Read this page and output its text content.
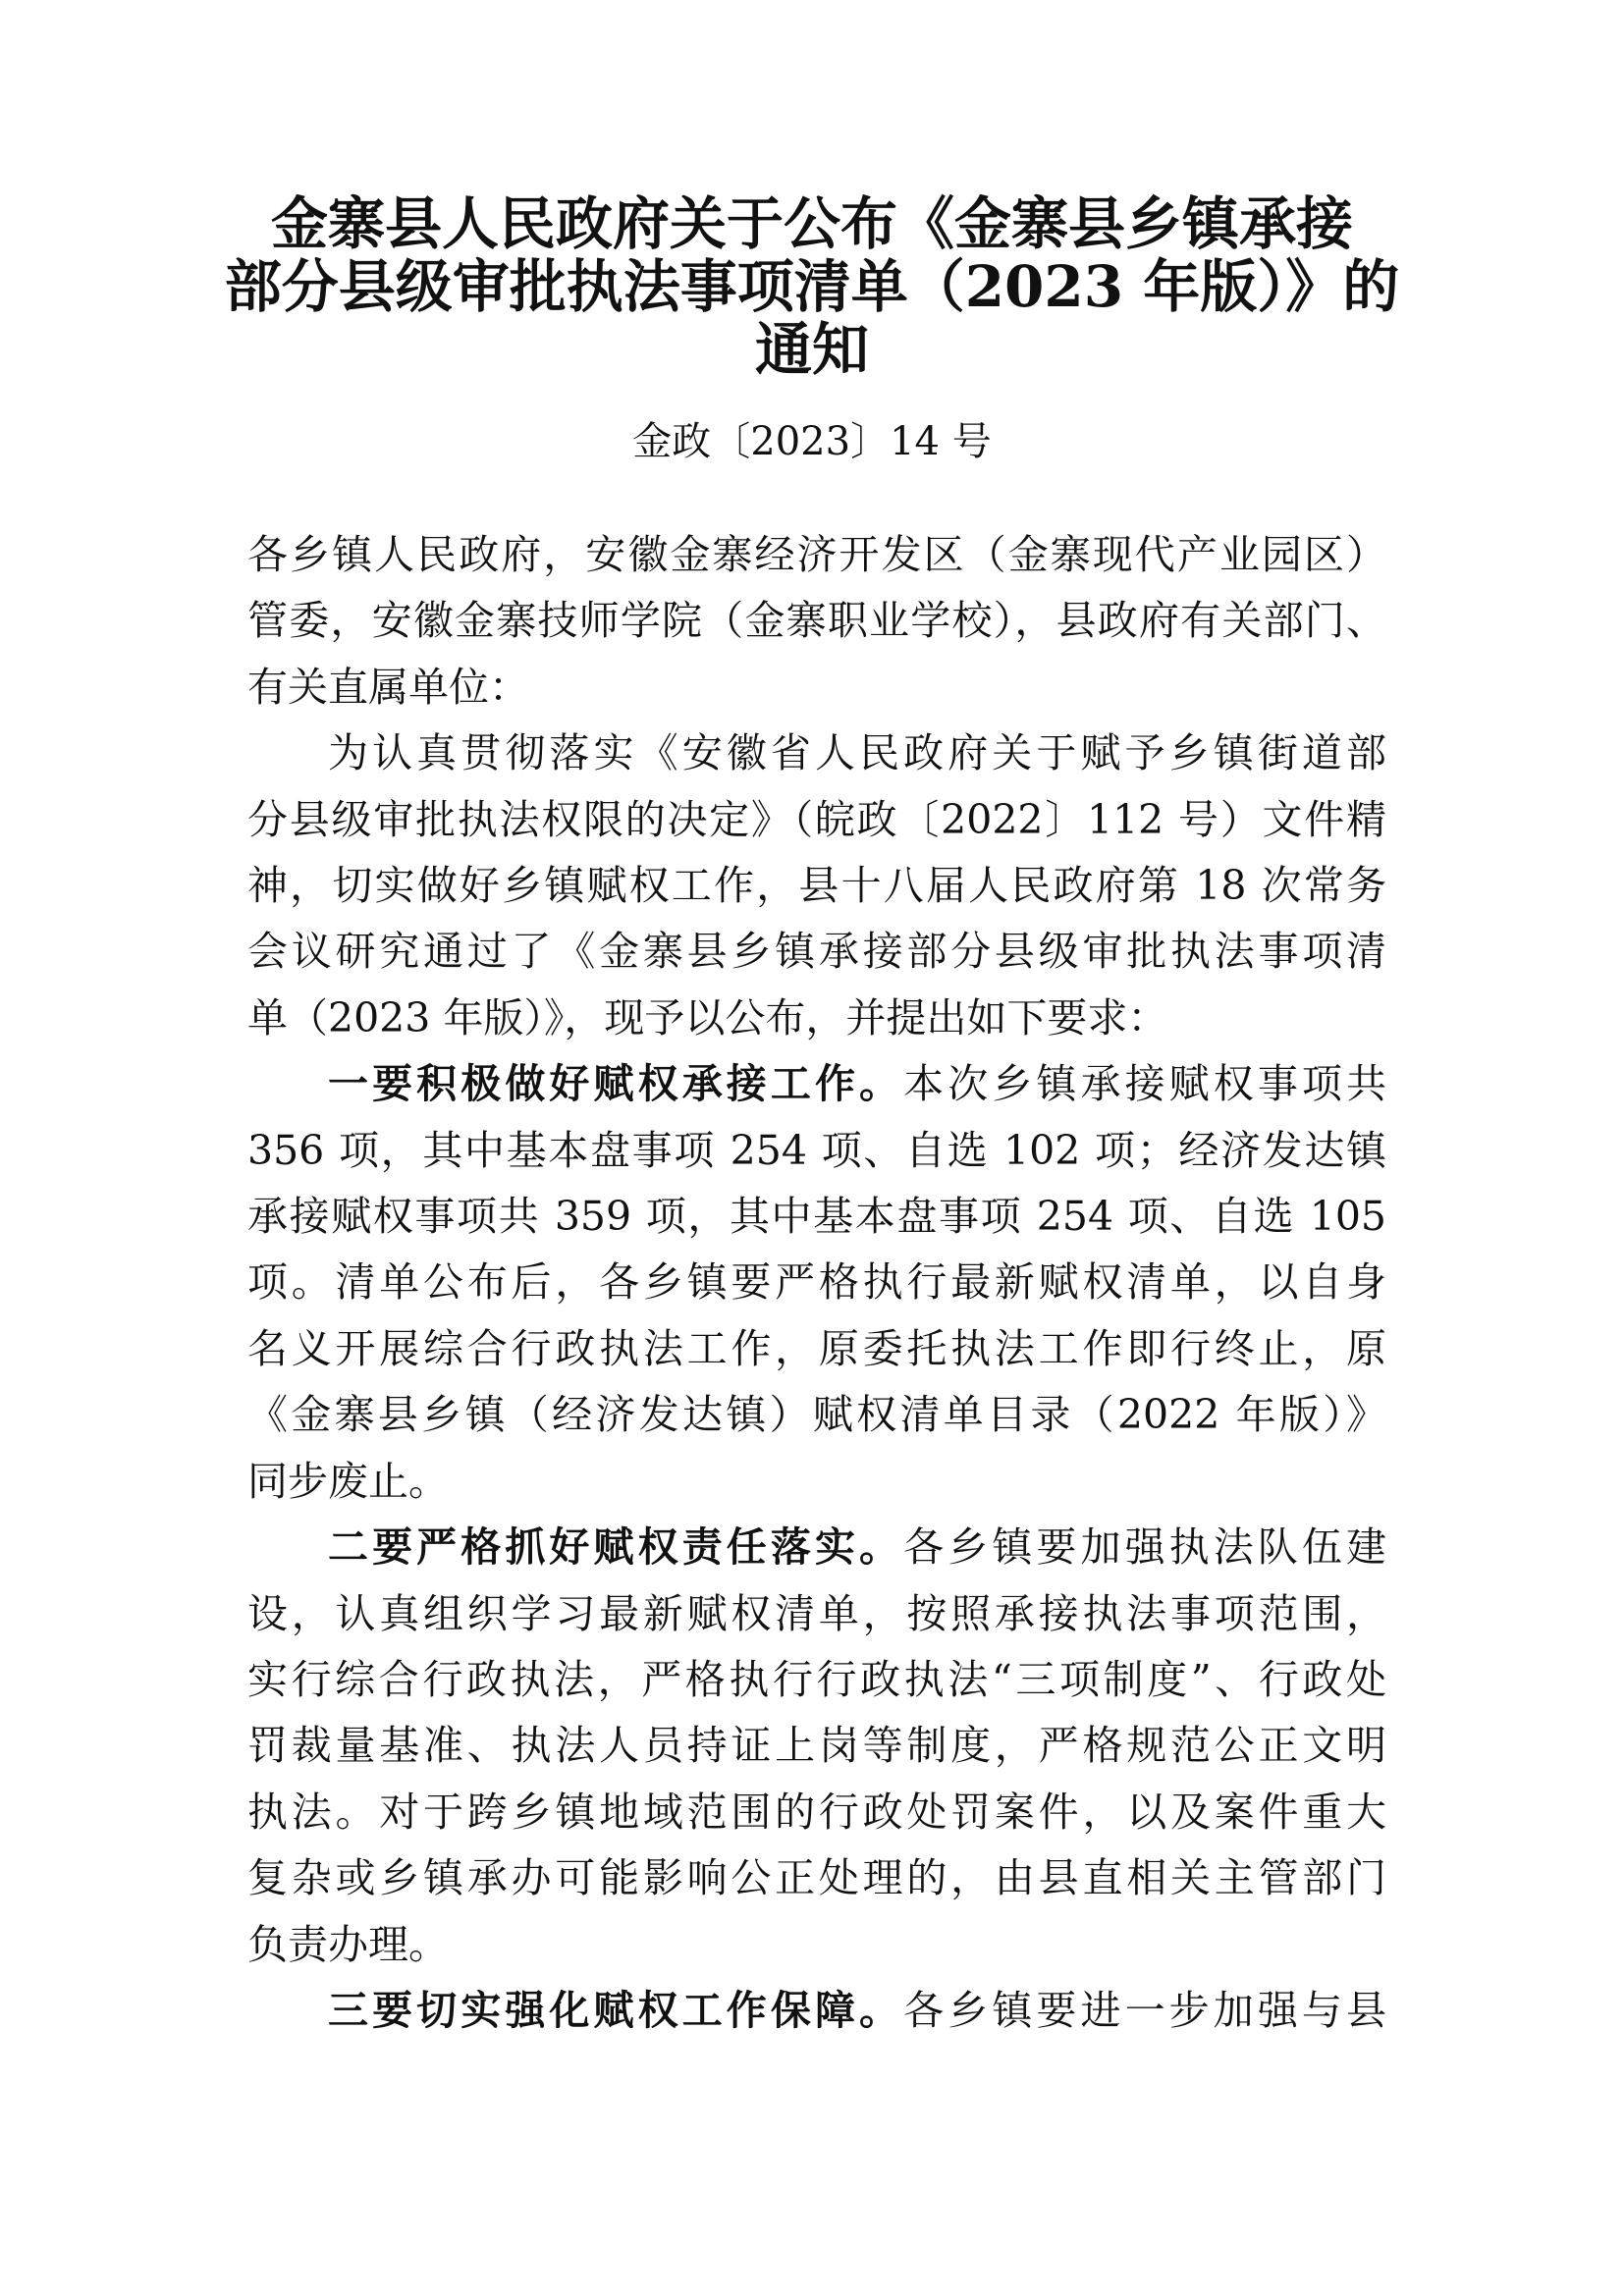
金寨县人民政府关于公布《金寨县乡镇承接
部分县级审批执法事项清单（2023 年版）》的
通知
金政〔2023〕14 号

各乡镇人民政府，安徽金寨经济开发区（金寨现代产业园区）
管委，安徽金寨技师学院（金寨职业学校），县政府有关部门、
有关直属单位：

为认真贯彻落实《安徽省人民政府关于赋予乡镇街道部
分县级审批执法权限的决定》（皖政〔2022〕112 号）文件精
神，切实做好乡镇赋权工作，县十八届人民政府第 18 次常务
会议研究通过了《金寨县乡镇承接部分县级审批执法事项清
单（2023 年版）》，现予以公布，并提出如下要求：

一要积极做好赋权承接工作。本次乡镇承接赋权事项共
356 项，其中基本盘事项 254 项、自选 102 项；经济发达镇
承接赋权事项共 359 项，其中基本盘事项 254 项、自选 105
项。清单公布后，各乡镇要严格执行最新赋权清单，以自身
名义开展综合行政执法工作，原委托执法工作即行终止，原
《金寨县乡镇（经济发达镇）赋权清单目录（2022 年版）》
同步废止。

二要严格抓好赋权责任落实。各乡镇要加强执法队伍建
设，认真组织学习最新赋权清单，按照承接执法事项范围，
实行综合行政执法，严格执行行政执法“三项制度”、行政处
罚裁量基准、执法人员持证上岗等制度，严格规范公正文明
执法。对于跨乡镇地域范围的行政处罚案件，以及案件重大
复杂或乡镇承办可能影响公正处理的，由县直相关主管部门
负责办理。

三要切实强化赋权工作保障。各乡镇要进一步加强与县
